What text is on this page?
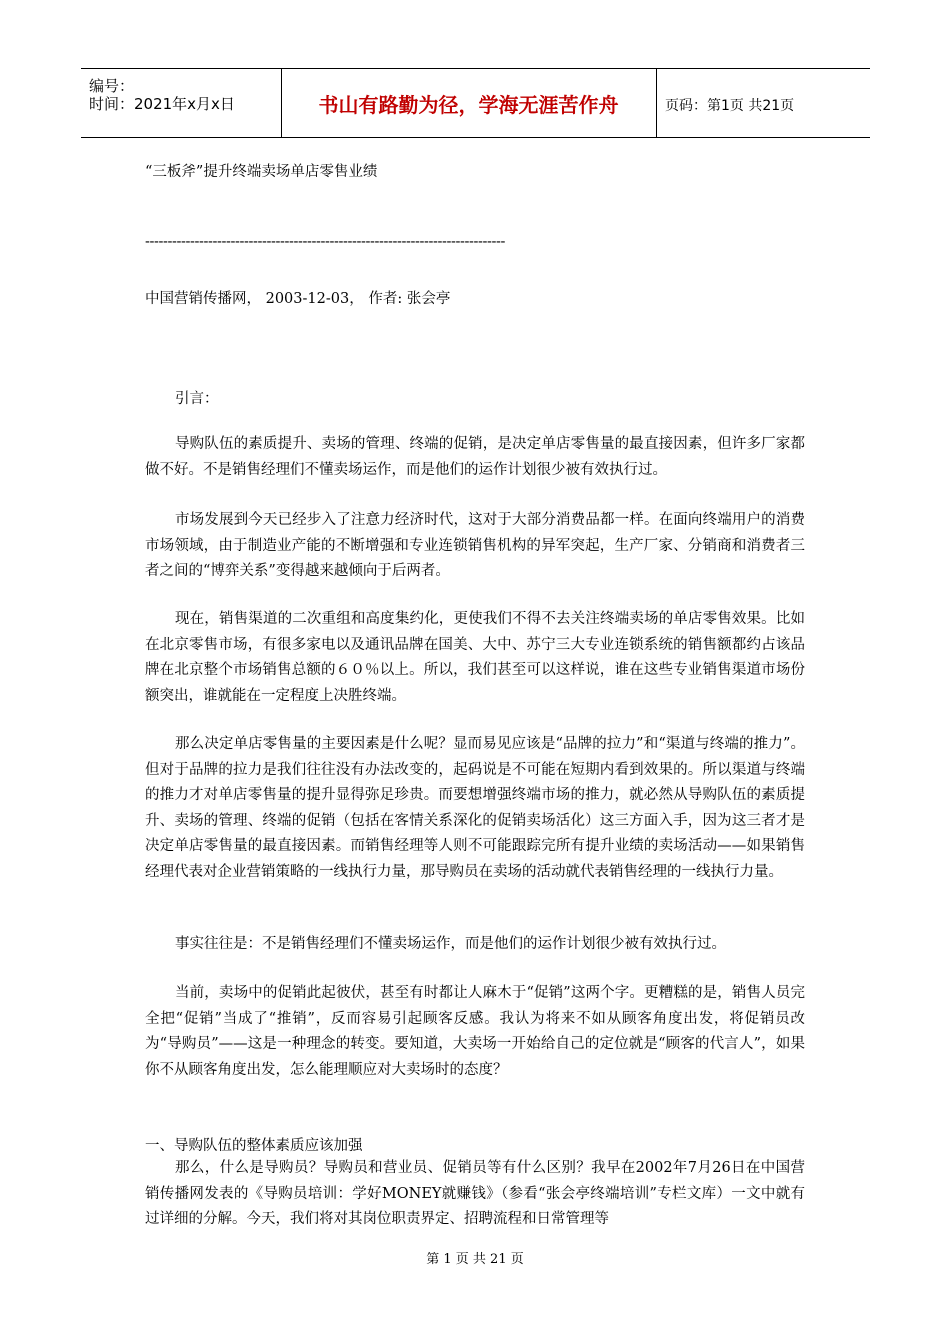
编号：
时间：2021年x月x日	书山有路勤为径，学海无涯苦作舟	页码：第1页 共21页

“三板斧”提升终端卖场单店零售业绩

--------------------------------------------------------------------------------

中国营销传播网， 2003-12-03， 作者: 张会亭

引言：

导购队伍的素质提升、卖场的管理、终端的促销，是决定单店零售量的最直接因素，但许多厂家都做不好。不是销售经理们不懂卖场运作，而是他们的运作计划很少被有效执行过。

市场发展到今天已经步入了注意力经济时代，这对于大部分消费品都一样。在面向终端用户的消费市场领域，由于制造业产能的不断增强和专业连锁销售机构的异军突起，生产厂家、分销商和消费者三者之间的“博弈关系”变得越来越倾向于后两者。

现在，销售渠道的二次重组和高度集约化，更使我们不得不去关注终端卖场的单店零售效果。比如在北京零售市场，有很多家电以及通讯品牌在国美、大中、苏宁三大专业连锁系统的销售额都约占该品牌在北京整个市场销售总额的６０％以上。所以，我们甚至可以这样说，谁在这些专业销售渠道市场份额突出，谁就能在一定程度上决胜终端。

那么决定单店零售量的主要因素是什么呢？显而易见应该是“品牌的拉力”和“渠道与终端的推力”。但对于品牌的拉力是我们往往没有办法改变的，起码说是不可能在短期内看到效果的。所以渠道与终端的推力才对单店零售量的提升显得弥足珍贵。而要想增强终端市场的推力，就必然从导购队伍的素质提升、卖场的管理、终端的促销（包括在客情关系深化的促销卖场活化）这三方面入手，因为这三者才是决定单店零售量的最直接因素。而销售经理等人则不可能跟踪完所有提升业绩的卖场活动——如果销售经理代表对企业营销策略的一线执行力量，那导购员在卖场的活动就代表销售经理的一线执行力量。

事实往往是：不是销售经理们不懂卖场运作，而是他们的运作计划很少被有效执行过。

当前，卖场中的促销此起彼伏，甚至有时都让人麻木于“促销”这两个字。更糟糕的是，销售人员完全把“促销”当成了“推销”，反而容易引起顾客反感。我认为将来不如从顾客角度出发，将促销员改为“导购员”——这是一种理念的转变。要知道，大卖场一开始给自己的定位就是“顾客的代言人”，如果你不从顾客角度出发，怎么能理顺应对大卖场时的态度？

一、导购队伍的整体素质应该加强

那么，什么是导购员？导购员和营业员、促销员等有什么区别？我早在2002年7月26日在中国营销传播网发表的《导购员培训：学好MONEY就赚钱》（参看“张会亭终端培训”专栏文库）一文中就有过详细的分解。今天，我们将对其岗位职责界定、招聘流程和日常管理等

第 1 页 共 21 页
